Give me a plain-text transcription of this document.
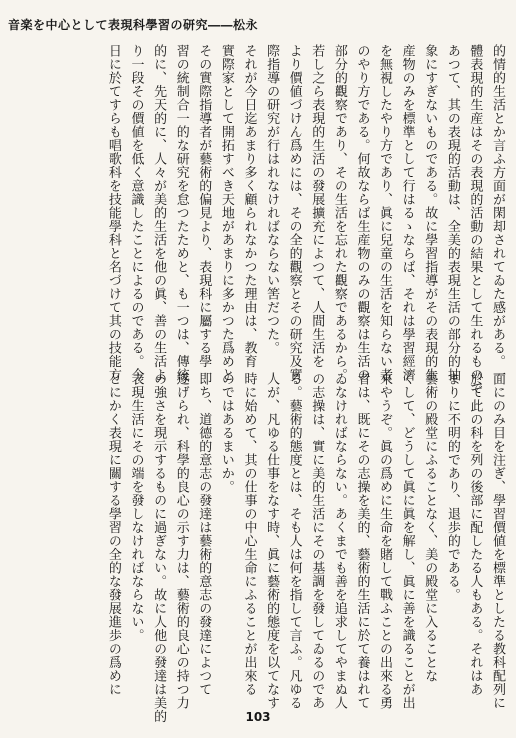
音楽を中心として表現科學習の研究――松永
的情的生活とか言ふ方面が閑却されてゐた感がある。一
體表現的生産はその表現的活動の結果として生れるもので
あつて、其の表現的活動は、全美的表現生活の部分的抽
象にすぎないものである。故に學習指導がその表現的生
産物のみを標準として行はるゝならば、それは學習經濟
を無視したやり方であり、眞に兒童の生活を知らない者
のやり方である。何故ならば生産物のみの觀察は生活の
部分的觀察であり、その生活を忘れた觀察であるから。
若し之ら表現的生活の發展擴充によつて、人間生活を
より價値づけん爲めには、その全的觀察とその研究及實
際指導の研究が行はれなければならない筈だつた。
それが今日迄あまり多く顧られなかつた理由は、教育
實際家として開拓すべき天地があまりに多かつた爲めと
その實際指導者が藝術的偏見より、表現科に屬する學
習の統制合一的な研究を怠つたためと、も一つは、傳統
的に、先天的に、人々が美的生活を他の眞、善の生活よ
り一段その價値を低く意識したことによるのである。今
日に於てすらも唱歌科を技能學科と名づけて其の技能方
面にのみ目を注ぎ、學習價値を標準としたる教科配列に
於て此の科を列の後部に配したる人もある。それはあ
まりに不明的であり、退歩的である。
藝術の殿堂にふることなく、美の殿堂に入ることな
くして、どうして眞に眞を解し、眞に善を識ることが出
來やうぞ。眞の爲めに生命を賭して戰ふことの出來る勇
者は、既にその志操を美的、藝術的生活に於て養はれて
ゐなければならない。あくまでも善を追求してやまぬ人
の志操は、實に美的生活にその基調を發してゐるのであ
る。藝術的態度とは、そも人は何を指して言ふ。凡ゆる
人が、凡ゆる仕事をなす時、眞に藝術的態度を以てなす
時に始めて、其の仕事の中心生命にふることが出來る
のではあるまいか。
即ち、道德的意志の發達は藝術的意志の發達によつて
遂げられ、科學的良心の示す力は、藝術的良心の持つ力
の強さを現示するものに過ぎない。故に人他の發達は美的
表現生活にその端を發しなければならない。
とにかく表現に關する學習の全的な發展進歩の爲めに
103
